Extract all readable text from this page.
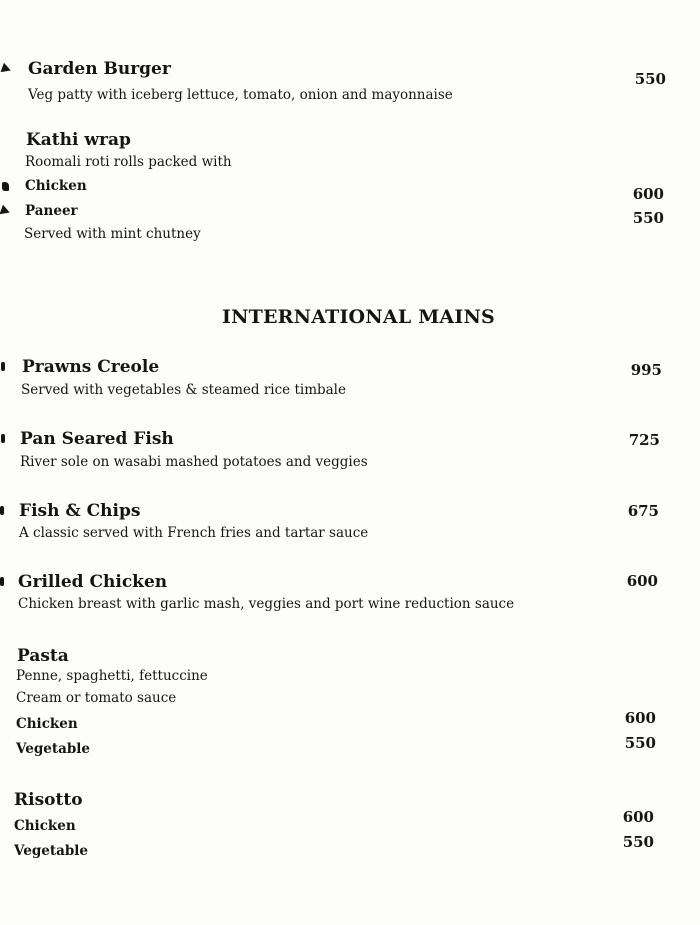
Garden Burger
Veg patty with iceberg lettuce, tomato, onion and mayonnaise
550
Kathi wrap
Roomali roti rolls packed with
Chicken	600
Paneer	550
Served with mint chutney
INTERNATIONAL MAINS
Prawns Creole
Served with vegetables & steamed rice timbale
995
Pan Seared Fish
River sole on wasabi mashed potatoes and veggies
725
Fish & Chips
A classic served with French fries and tartar sauce
675
Grilled Chicken
Chicken breast with garlic mash, veggies and port wine reduction sauce
600
Pasta
Penne, spaghetti, fettuccine
Cream or tomato sauce
Chicken	600
Vegetable	550
Risotto
Chicken	600
Vegetable	550
